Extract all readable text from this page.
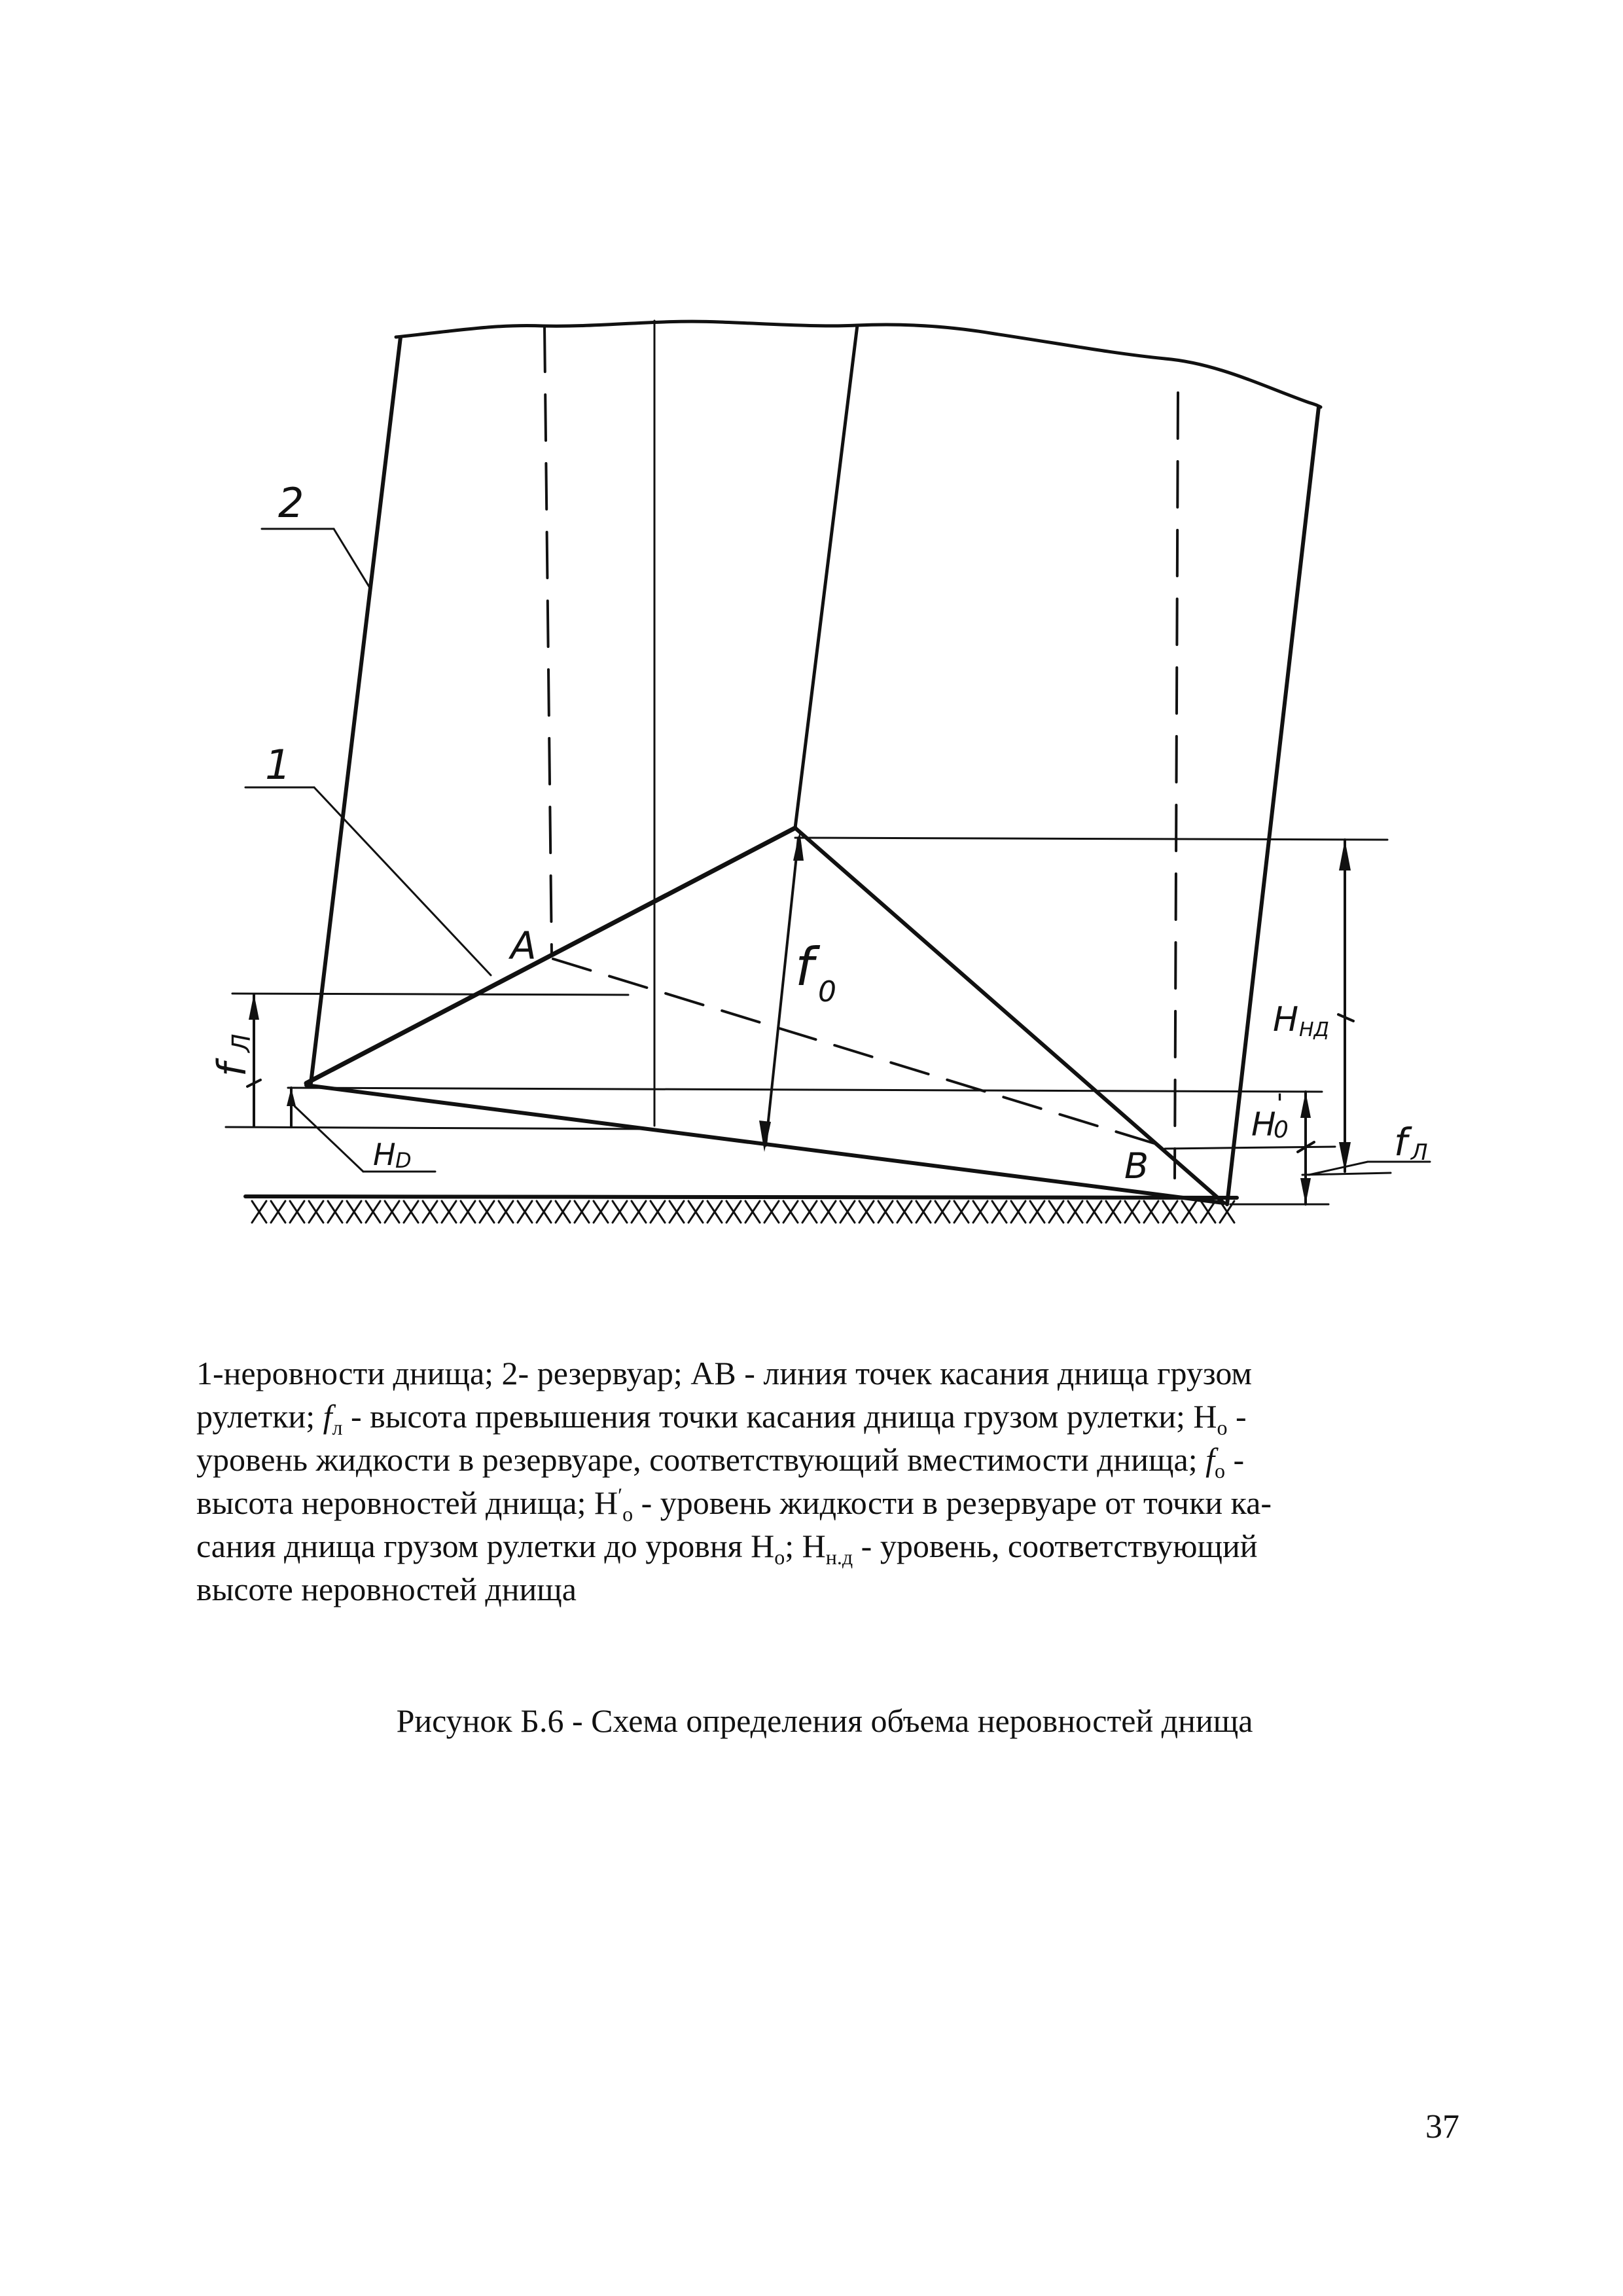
2
1
A
B
f 0
f
Л
H D
H НД
H
'
0	f Л
1-неровности днища; 2- резервуар; АВ - линия точек касания днища грузом
рулетки; $f_л$ - высота превышения точки касания днища грузом рулетки; $Н_о$ -
уровень жидкости в резервуаре, соответствующий вместимости днища; $f_о$ -
высота неровностей днища; $Н'_о$ - уровень жидкости в резервуаре от точки ка-
сания днища грузом рулетки до уровня $Н_о$; $Н_{н.д}$ - уровень, соответствующий
высоте неровностей днища
Рисунок Б.6 - Схема определения объема неровностей днища
37
